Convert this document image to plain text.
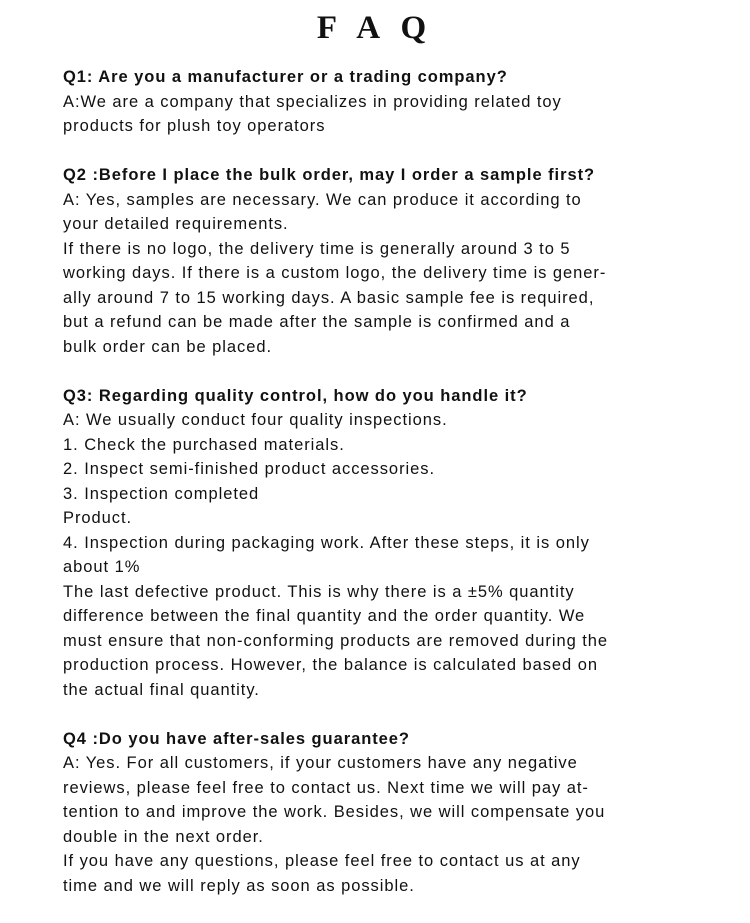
F A Q
Q1: Are you a manufacturer or a trading company?
A:We are a company that specializes in providing related toy
products for plush toy operators
Q2 :Before I place the bulk order, may I order a sample first?
A: Yes, samples are necessary. We can produce it according to
your detailed requirements.
If there is no logo, the delivery time is generally around 3 to 5
working days. If there is a custom logo, the delivery time is gener-
ally around 7 to 15 working days. A basic sample fee is required,
but a refund can be made after the sample is confirmed and a
bulk order can be placed.
Q3: Regarding quality control, how do you handle it?
A: We usually conduct four quality inspections.
1. Check the purchased materials.
2. Inspect semi-finished product accessories.
3. Inspection completed
Product.
4. Inspection during packaging work. After these steps, it is only
about 1%
The last defective product. This is why there is a ±5% quantity
difference between the final quantity and the order quantity. We
must ensure that non-conforming products are removed during the
production process. However, the balance is calculated based on
the actual final quantity.
Q4 :Do you have after-sales guarantee?
A: Yes. For all customers, if your customers have any negative
reviews, please feel free to contact us. Next time we will pay at-
tention to and improve the work. Besides, we will compensate you
double in the next order.
If you have any questions, please feel free to contact us at any
time and we will reply as soon as possible.
